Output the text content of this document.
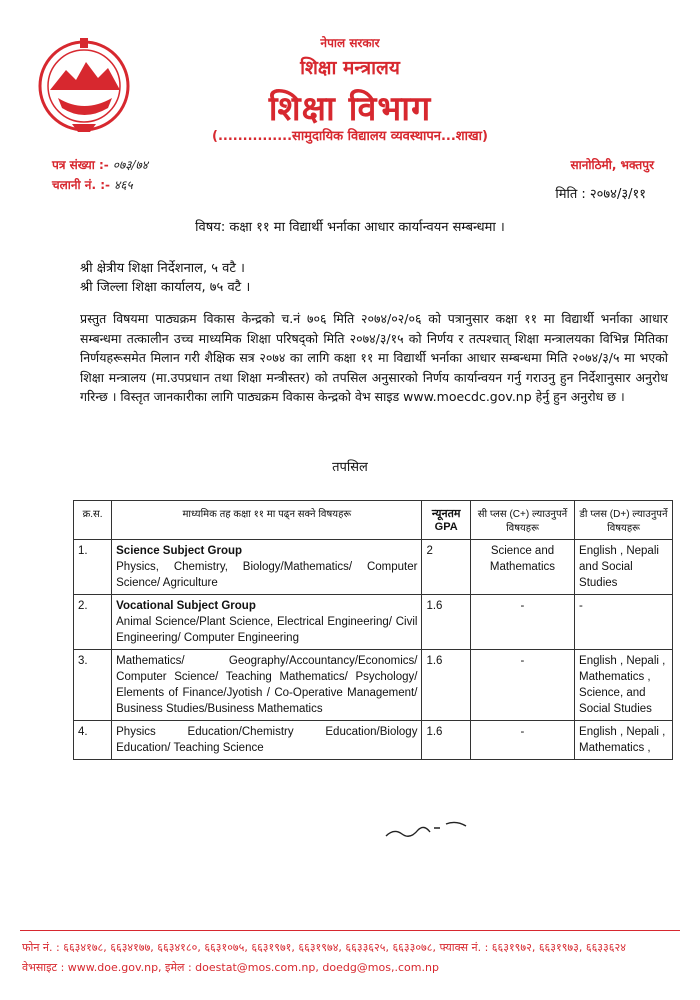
नेपाल सरकार
शिक्षा मन्त्रालय
शिक्षा विभाग
(...............सामुदायिक विद्यालय व्यवस्थापन...शाखा)
पत्र संख्या :- ०७३/७४
चलानी नं. :- ४६५
सानोठिमी, भक्तपुर
मिति : २०७४/३/११
विषय: कक्षा ११ मा विद्यार्थी भर्नाका आधार कार्यान्वयन सम्बन्धमा ।
श्री क्षेत्रीय शिक्षा निर्देशनाल, ५ वटै ।
श्री जिल्ला शिक्षा कार्यालय, ७५ वटै ।

प्रस्तुत विषयमा पाठ्यक्रम विकास केन्द्रको च.नं ७०६ मिति २०७४/०२/०६ को पत्रानुसार कक्षा ११ मा विद्यार्थी भर्नाका आधार सम्बन्धमा तत्कालीन उच्च माध्यमिक शिक्षा परिषद्को मिति २०७४/३/१५ को निर्णय र तत्पश्चात् शिक्षा मन्त्रालयका विभिन्न मितिका निर्णयहरूसमेत मिलान गरी शैक्षिक सत्र २०७४ का लागि कक्षा ११ मा विद्यार्थी भर्नाका आधार सम्बन्धमा मिति २०७४/३/५ मा भएको शिक्षा मन्त्रालय (मा.उपप्रधान तथा शिक्षा मन्त्रीस्तर) को तपसिल अनुसारको निर्णय कार्यान्वयन गर्नु गराउनु हुन निर्देशानुसार अनुरोध गरिन्छ । विस्तृत जानकारीका लागि पाठ्यक्रम विकास केन्द्रको वेभ साइड www.moecdc.gov.np हेर्नु हुन अनुरोध छ ।

तपसिल
क्र.स.	माध्यमिक तह कक्षा ११ मा पढ्न सक्ने विषयहरू	न्यूनतम GPA	सी प्लस (C+) ल्याउनुपर्ने विषयहरू	डी प्लस (D+) ल्याउनुपर्ने विषयहरू
1.	Science Subject Group
Physics, Chemistry, Biology/Mathematics/ Computer Science/ Agriculture	2	Science and Mathematics	English , Nepali and Social Studies
2.	Vocational Subject Group
Animal Science/Plant Science, Electrical Engineering/ Civil Engineering/ Computer Engineering	1.6	-	-
3.	Mathematics/ Geography/Accountancy/Economics/ Computer Science/ Teaching Mathematics/ Psychology/ Elements of Finance/Jyotish / Co-Operative Management/ Business Studies/Business Mathematics	1.6	-	English , Nepali , Mathematics , Science, and Social Studies
4.	Physics Education/Chemistry Education/Biology Education/ Teaching Science	1.6	-	English , Nepali , Mathematics ,
फोन नं. : ६६३४१७८, ६६३४१७७, ६६३४१८०, ६६३१०७५, ६६३१९७१, ६६३१९७४, ६६३३६२५, ६६३३०७८, फ्याक्स नं. : ६६३१९७२, ६६३१९७३, ६६३३६२४
वेभसाइट : www.doe.gov.np, इमेल : doestat@mos.com.np, doedg@mos,.com.np
